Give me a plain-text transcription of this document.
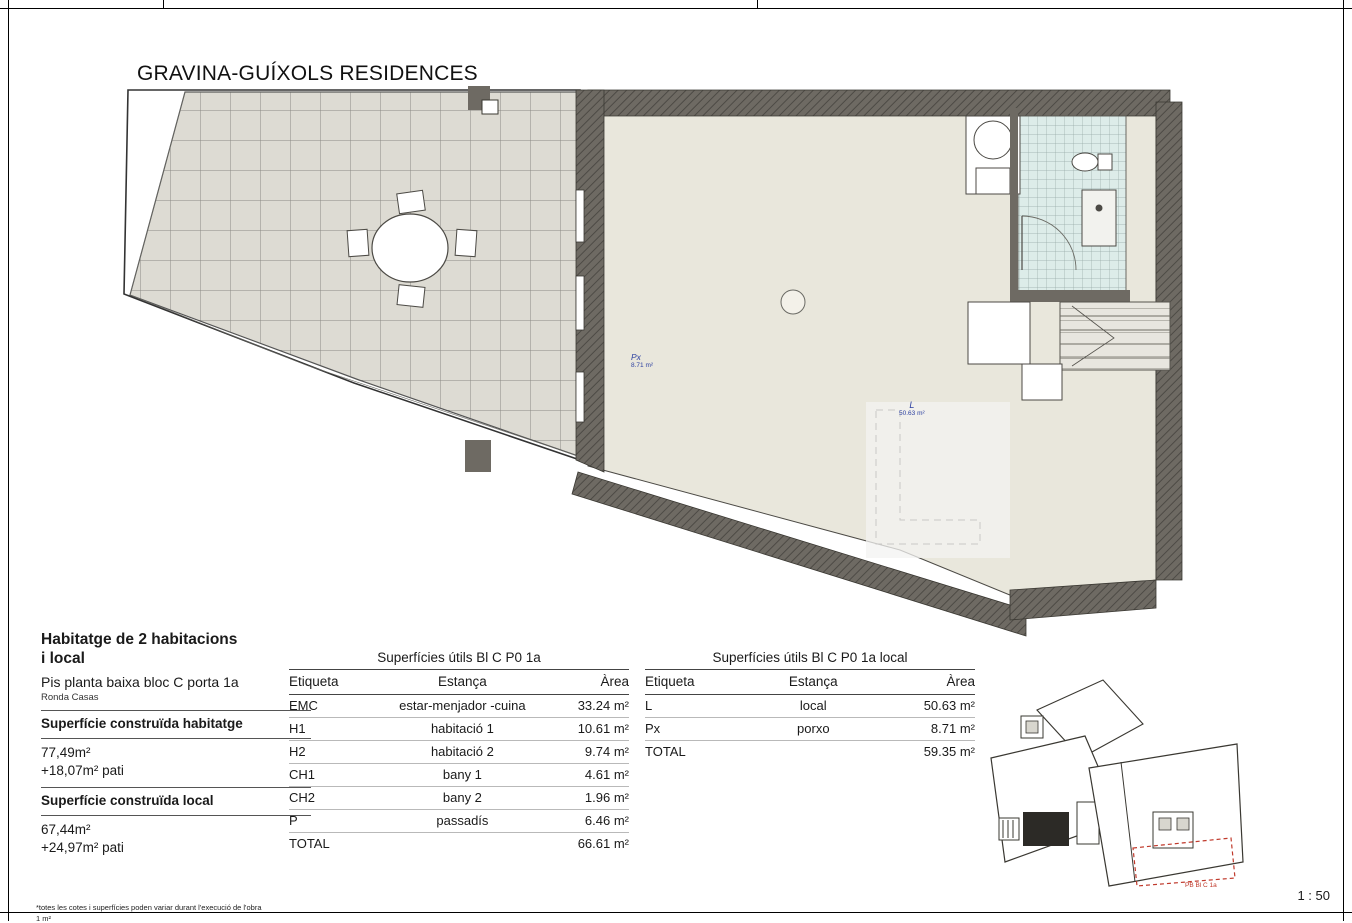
GRAVINA-GUÍXOLS RESIDENCES
Px
8.71 m²
L
50.63 m²
Habitatge de 2 habitacions
i local
Pis planta baixa bloc C porta 1a
Ronda Casas
Superfície construïda habitatge
77,49m²
+18,07m² pati
Superfície construïda local
67,44m²
+24,97m² pati
*totes les cotes i superfícies poden variar durant l'execució de l'obra
1 m²
Superfícies útils Bl C P0 1a
Etiqueta	Estança	Àrea
EMC	estar-menjador -cuina	33.24 m²
H1	habitació 1	10.61 m²
H2	habitació 2	9.74 m²
CH1	bany 1	4.61 m²
CH2	bany 2	1.96 m²
P	passadís	6.46 m²
TOTAL		66.61 m²
Superfícies útils Bl C P0 1a local
Etiqueta	Estança	Àrea
L	local	50.63 m²
Px	porxo	8.71 m²
TOTAL		59.35 m²
PB Bl C 1a
1 : 50
